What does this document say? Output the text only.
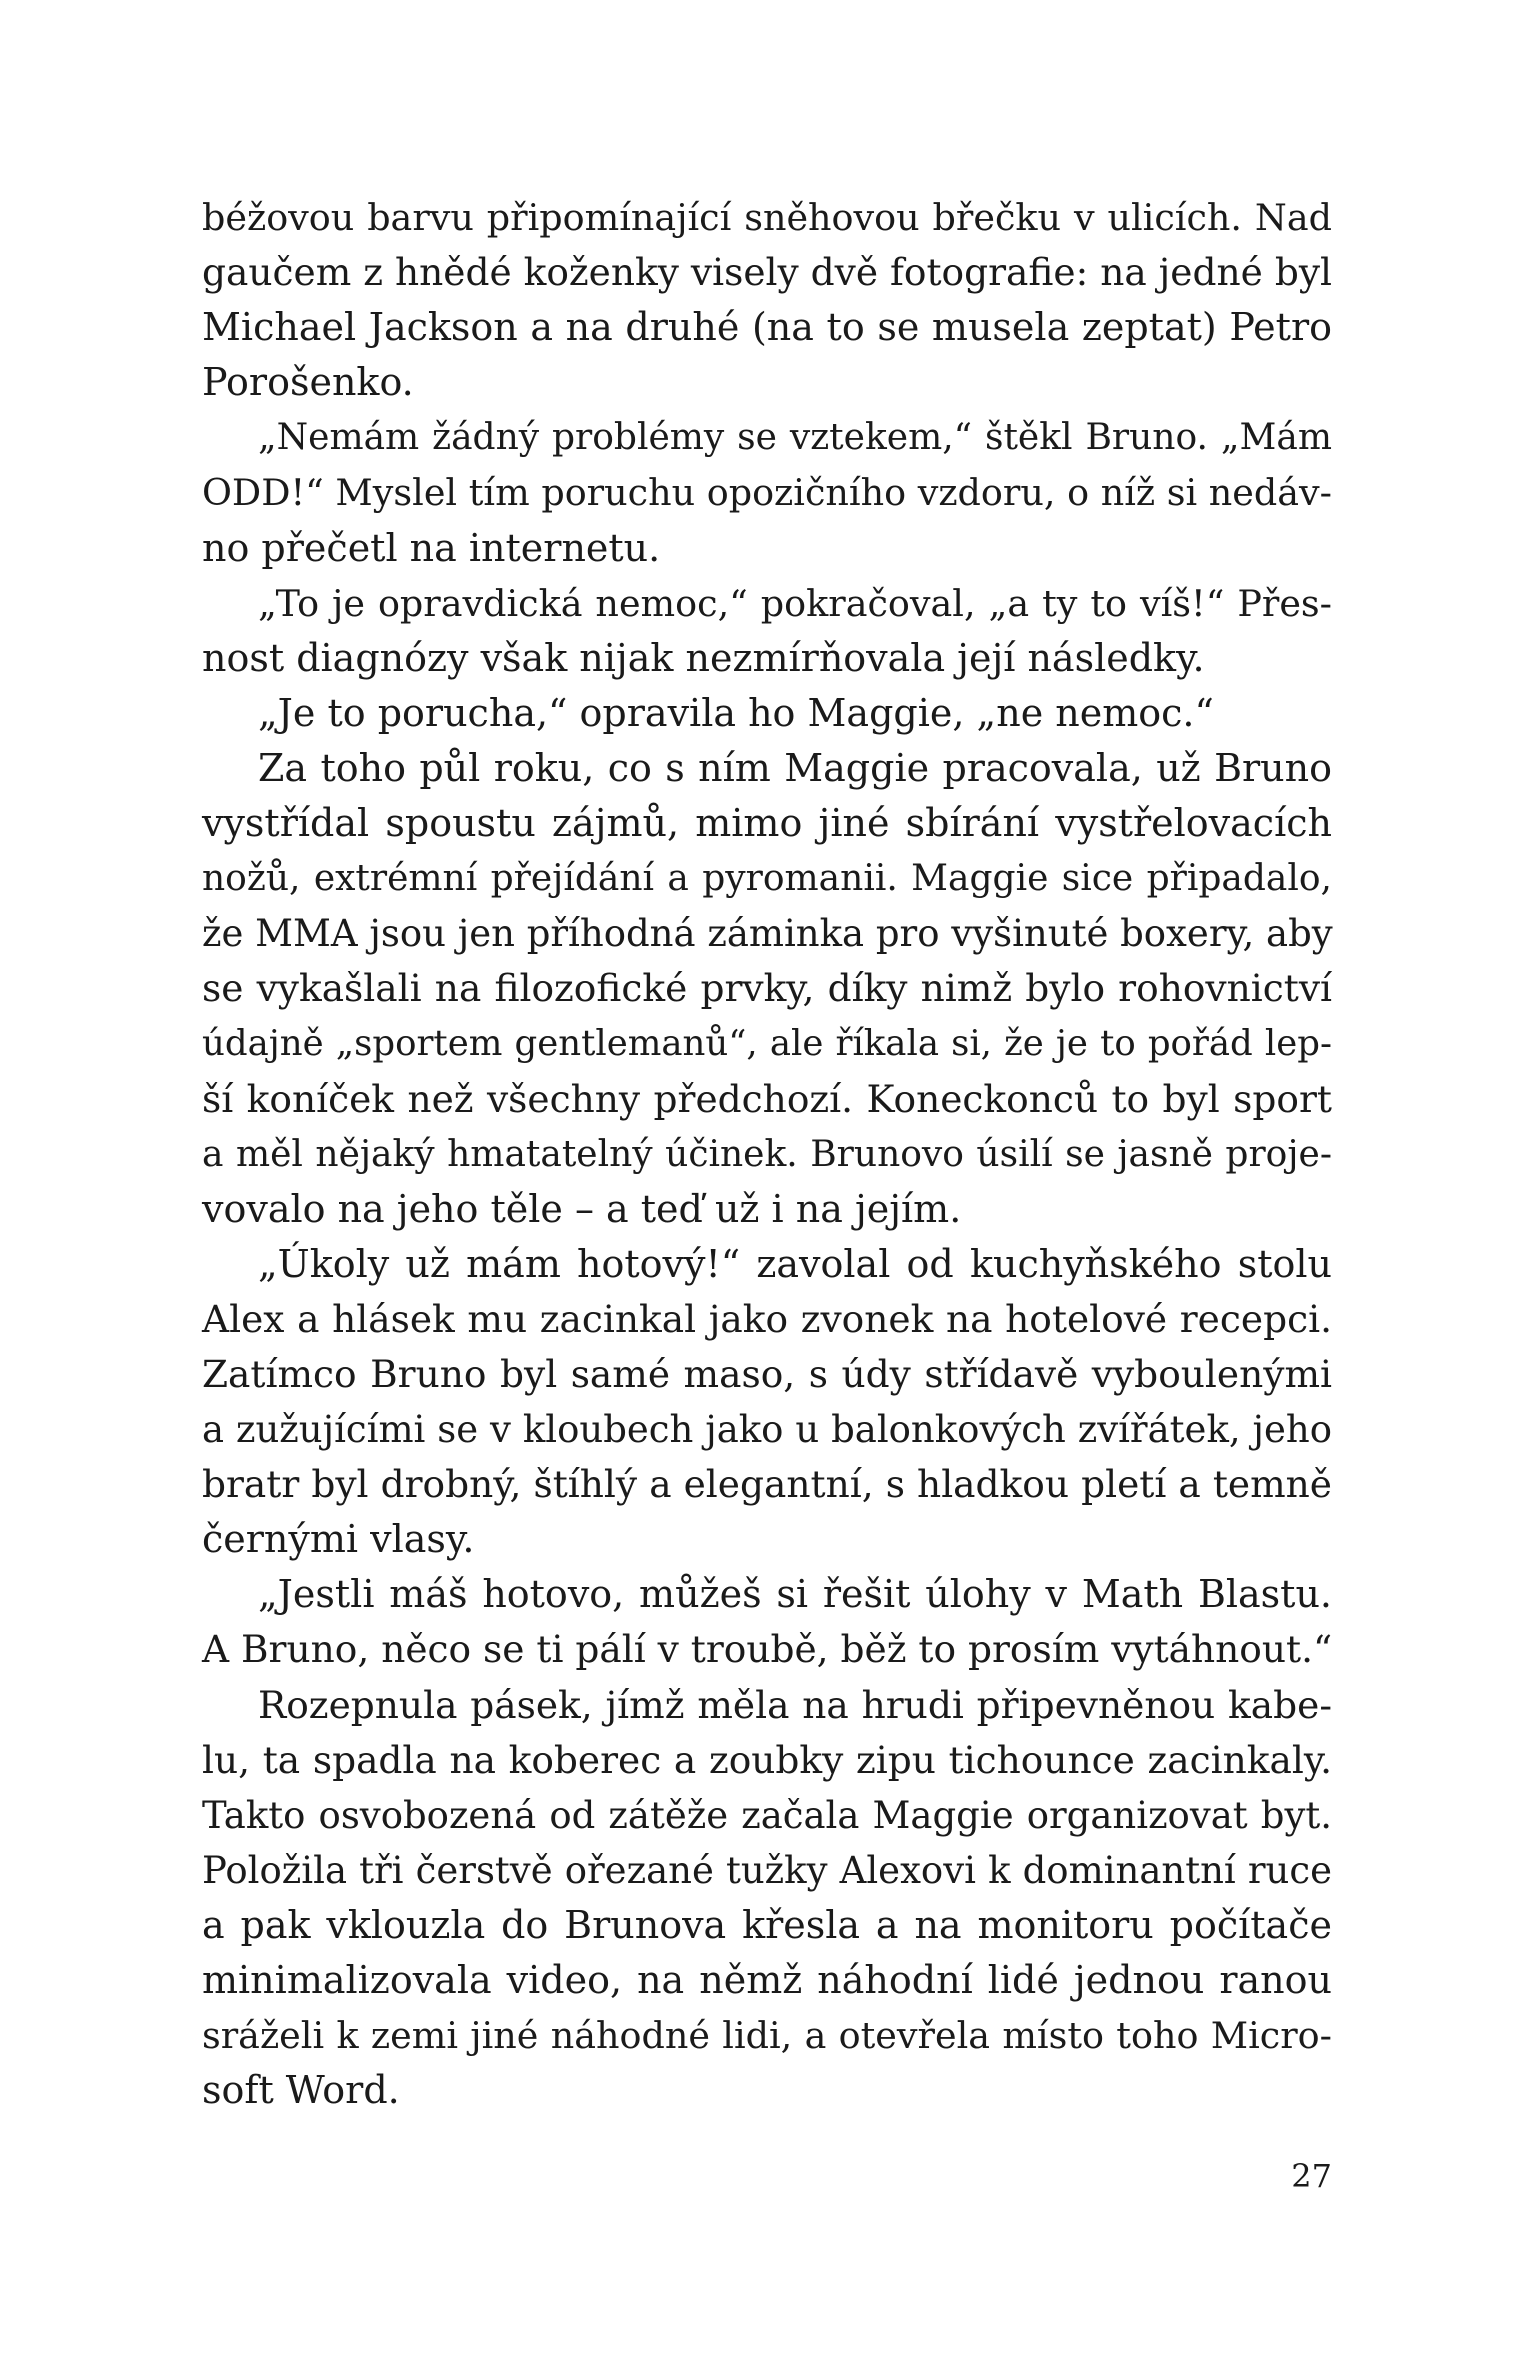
béžovou barvu připomínající sněhovou břečku v ulicích. Nad
gaučem z hnědé koženky visely dvě fotografie: na jedné byl
Michael Jackson a na druhé (na to se musela zeptat) Petro
Porošenko.
„Nemám žádný problémy se vztekem,“ štěkl Bruno. „Mám
ODD!“ Myslel tím poruchu opozičního vzdoru, o níž si nedáv-
no přečetl na internetu.
„To je opravdická nemoc,“ pokračoval, „a ty to víš!“ Přes-
nost diagnózy však nijak nezmírňovala její následky.
„Je to porucha,“ opravila ho Maggie, „ne nemoc.“
Za toho půl roku, co s ním Maggie pracovala, už Bruno
vystřídal spoustu zájmů, mimo jiné sbírání vystřelovacích
nožů, extrémní přejídání a pyromanii. Maggie sice připadalo,
že MMA jsou jen příhodná záminka pro vyšinuté boxery, aby
se vykašlali na filozofické prvky, díky nimž bylo rohovnictví
údajně „sportem gentlemanů“, ale říkala si, že je to pořád lep-
ší koníček než všechny předchozí. Koneckonců to byl sport
a měl nějaký hmatatelný účinek. Brunovo úsilí se jasně proje-
vovalo na jeho těle – a teď už i na jejím.
„Úkoly už mám hotový!“ zavolal od kuchyňského stolu
Alex a hlásek mu zacinkal jako zvonek na hotelové recepci.
Zatímco Bruno byl samé maso, s údy střídavě vyboulenými
a zužujícími se v kloubech jako u balonkových zvířátek, jeho
bratr byl drobný, štíhlý a elegantní, s hladkou pletí a temně
černými vlasy.
„Jestli máš hotovo, můžeš si řešit úlohy v Math Blastu.
A Bruno, něco se ti pálí v troubě, běž to prosím vytáhnout.“
Rozepnula pásek, jímž měla na hrudi připevněnou kabe-
lu, ta spadla na koberec a zoubky zipu tichounce zacinkaly.
Takto osvobozená od zátěže začala Maggie organizovat byt.
Položila tři čerstvě ořezané tužky Alexovi k dominantní ruce
a pak vklouzla do Brunova křesla a na monitoru počítače
minimalizovala video, na němž náhodní lidé jednou ranou
sráželi k zemi jiné náhodné lidi, a otevřela místo toho Micro-
soft Word.
27
